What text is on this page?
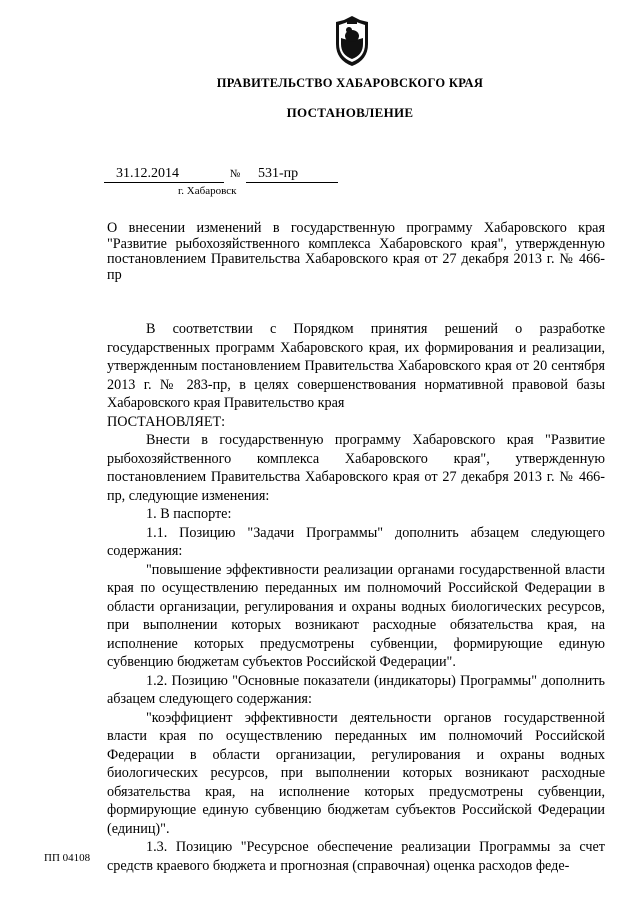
ПРАВИТЕЛЬСТВО ХАБАРОВСКОГО КРАЯ
ПОСТАНОВЛЕНИЕ
31.12.2014	№ 531-пр
г. Хабаровск
О внесении изменений в государственную программу Хабаровского края "Развитие рыбохозяйственного комплекса Хабаровского края", утвержденную постановлением Правительства Хабаровского края от 27 декабря 2013 г. № 466-пр

В соответствии с Порядком принятия решений о разработке государственных программ Хабаровского края, их формирования и реализации, утвержденным постановлением Правительства Хабаровского края от 20 сентября 2013 г. № 283-пр, в целях совершенствования нормативной правовой базы Хабаровского края Правительство края

ПОСТАНОВЛЯЕТ:

Внести в государственную программу Хабаровского края "Развитие рыбохозяйственного комплекса Хабаровского края", утвержденную постановлением Правительства Хабаровского края от 27 декабря 2013 г. № 466-пр, следующие изменения:

1. В паспорте:

1.1. Позицию "Задачи Программы" дополнить абзацем следующего содержания:

"повышение эффективности реализации органами государственной власти края по осуществлению переданных им полномочий Российской Федерации в области организации, регулирования и охраны водных биологических ресурсов, при выполнении которых возникают расходные обязательства края, на исполнение которых предусмотрены субвенции, формирующие единую субвенцию бюджетам субъектов Российской Федерации".

1.2. Позицию "Основные показатели (индикаторы) Программы" дополнить абзацем следующего содержания:

"коэффициент эффективности деятельности органов государственной власти края по осуществлению переданных им полномочий Российской Федерации в области организации, регулирования и охраны водных биологических ресурсов, при выполнении которых возникают расходные обязательства края, на исполнение которых предусмотрены субвенции, формирующие единую субвенцию бюджетам субъектов Российской Федерации (единиц)".

1.3. Позицию "Ресурсное обеспечение реализации Программы за счет средств краевого бюджета и прогнозная (справочная) оценка расходов феде-

ПП 04108
